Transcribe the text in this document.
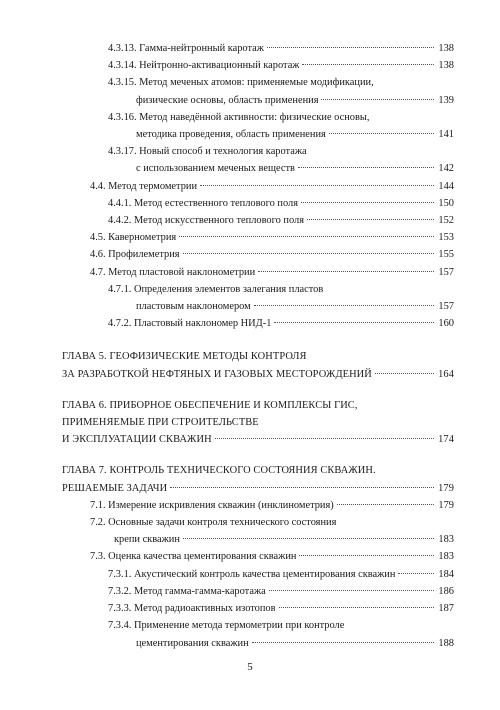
4.3.13. Гамма-нейтронный каротаж	138
4.3.14. Нейтронно-активационный каротаж	138
4.3.15. Метод меченых атомов: применяемые модификации,
физические основы, область применения	139
4.3.16. Метод наведённой активности: физические основы,
методика проведения, область применения	141
4.3.17. Новый способ и технология каротажа
с использованием меченых веществ	142
4.4. Метод термометрии	144
4.4.1. Метод естественного теплового поля	150
4.4.2. Метод искусственного теплового поля	152
4.5. Кавернометрия	153
4.6. Профилеметрия	155
4.7. Метод пластовой наклонометрии	157
4.7.1. Определения элементов залегания пластов
пластовым наклономером	157
4.7.2. Пластовый наклономер НИД-1	160
ГЛАВА 5. ГЕОФИЗИЧЕСКИЕ МЕТОДЫ КОНТРОЛЯ
ЗА РАЗРАБОТКОЙ НЕФТЯНЫХ И ГАЗОВЫХ МЕСТОРОЖДЕНИЙ	164
ГЛАВА 6. ПРИБОРНОЕ ОБЕСПЕЧЕНИЕ И КОМПЛЕКСЫ ГИС,
ПРИМЕНЯЕМЫЕ ПРИ СТРОИТЕЛЬСТВЕ
И ЭКСПЛУАТАЦИИ СКВАЖИН	174
ГЛАВА 7. КОНТРОЛЬ ТЕХНИЧЕСКОГО СОСТОЯНИЯ СКВАЖИН.
РЕШАЕМЫЕ ЗАДАЧИ	179
7.1. Измерение искривления скважин (инклинометрия)	179
7.2. Основные задачи контроля технического состояния
крепи скважин	183
7.3. Оценка качества цементирования скважин	183
7.3.1. Акустический контроль качества цементирования скважин	184
7.3.2. Метод гамма-гамма-каротажа	186
7.3.3. Метод радиоактивных изотопов	187
7.3.4. Применение метода термометрии при контроле
цементирования скважин	188
5
